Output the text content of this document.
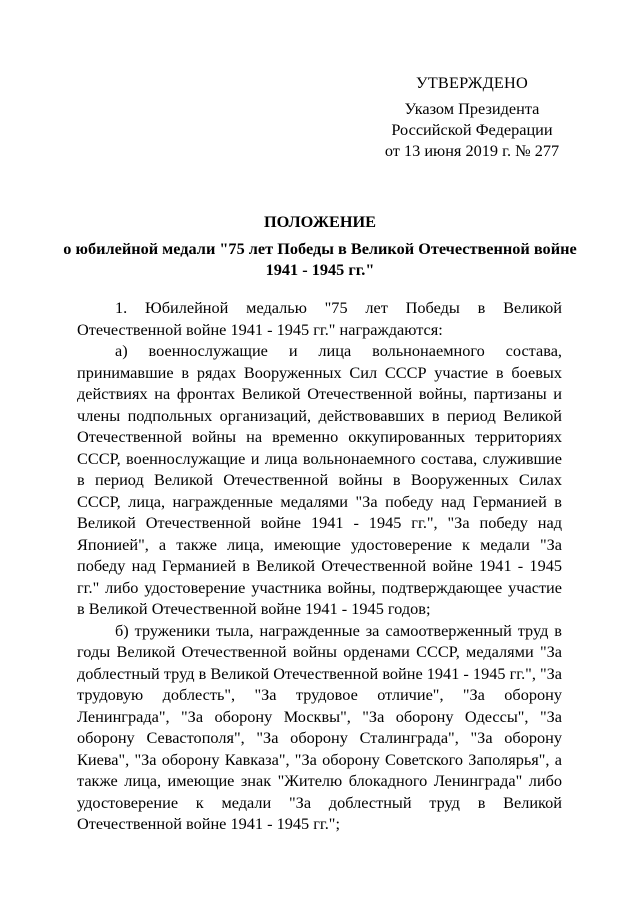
УТВЕРЖДЕНО
Указом Президента
Российской Федерации
от 13 июня 2019 г. № 277
ПОЛОЖЕНИЕ
о юбилейной медали "75 лет Победы в Великой Отечественной войне 1941 - 1945 гг."

1. Юбилейной медалью "75 лет Победы в Великой Отечественной войне 1941 - 1945 гг." награждаются:

а) военнослужащие и лица вольнонаемного состава, принимавшие в рядах Вооруженных Сил СССР участие в боевых действиях на фронтах Великой Отечественной войны, партизаны и члены подпольных организаций, действовавших в период Великой Отечественной войны на временно оккупированных территориях СССР, военнослужащие и лица вольнонаемного состава, служившие в период Великой Отечественной войны в Вооруженных Силах СССР, лица, награжденные медалями "За победу над Германией в Великой Отечественной войне 1941 - 1945 гг.", "За победу над Японией", а также лица, имеющие удостоверение к медали "За победу над Германией в Великой Отечественной войне 1941 - 1945 гг." либо удостоверение участника войны, подтверждающее участие в Великой Отечественной войне 1941 - 1945 годов;

б) труженики тыла, награжденные за самоотверженный труд в годы Великой Отечественной войны орденами СССР, медалями "За доблестный труд в Великой Отечественной войне 1941 - 1945 гг.", "За трудовую доблесть", "За трудовое отличие", "За оборону Ленинграда", "За оборону Москвы", "За оборону Одессы", "За оборону Севастополя", "За оборону Сталинграда", "За оборону Киева", "За оборону Кавказа", "За оборону Советского Заполярья", а также лица, имеющие знак "Жителю блокадного Ленинграда" либо удостоверение к медали "За доблестный труд в Великой Отечественной войне 1941 - 1945 гг.";
